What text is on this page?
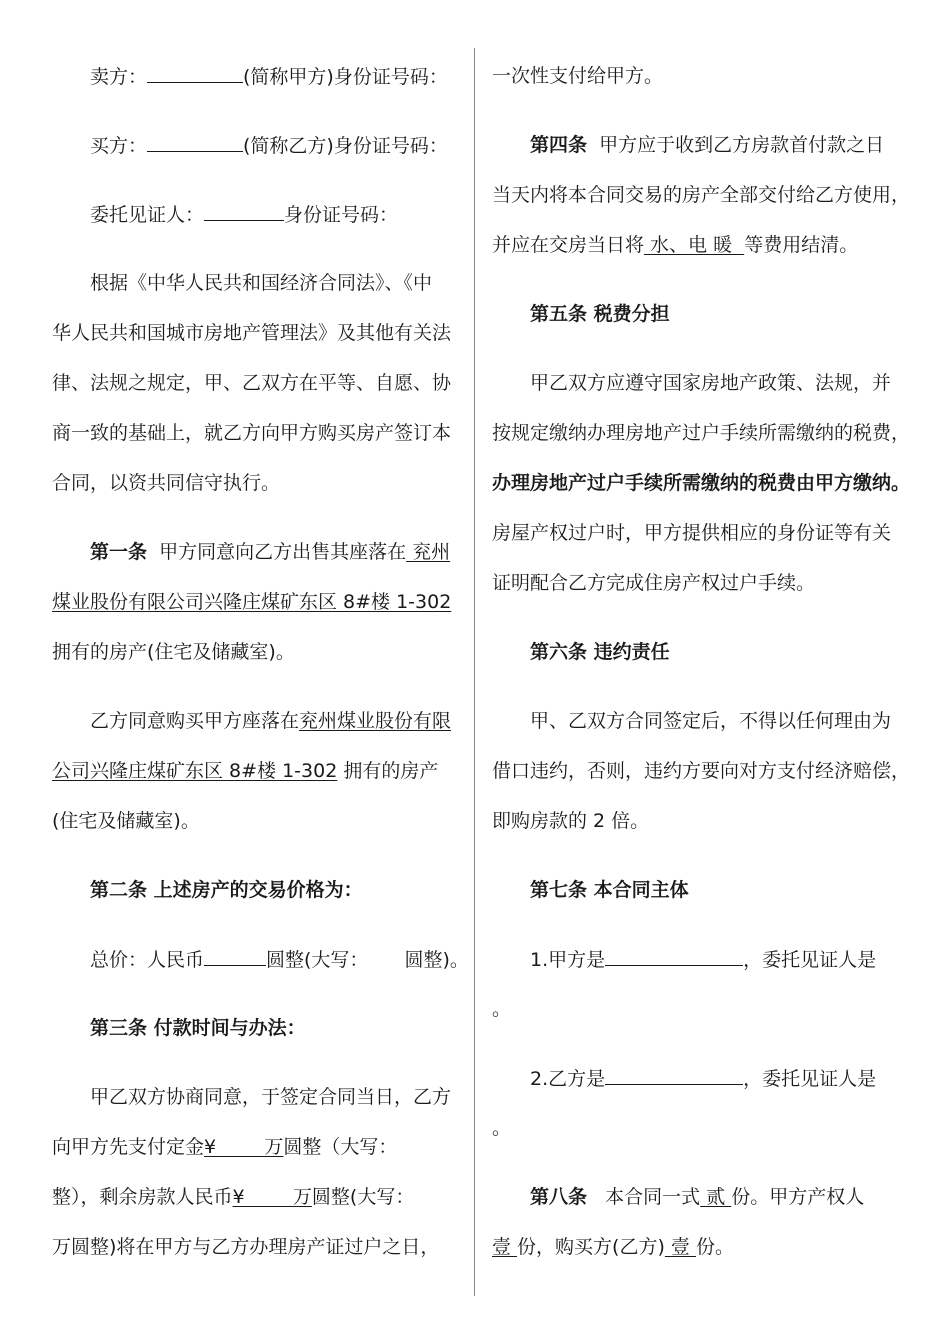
卖方：	(简称甲方)身份证号码：
买方：	(简称乙方)身份证号码：
委托见证人：	身份证号码：
根据《中华人民共和国经济合同法》、《中
华人民共和国城市房地产管理法》及其他有关法
律、法规之规定，甲、乙双方在平等、自愿、协
商一致的基础上，就乙方向甲方购买房产签订本
合同，以资共同信守执行。
第一条 甲方同意向乙方出售其座落在 兖州
煤业股份有限公司兴隆庄煤矿东区 8#楼 1-302
拥有的房产(住宅及储藏室)。
乙方同意购买甲方座落在兖州煤业股份有限
公司兴隆庄煤矿东区 8#楼 1-302 拥有的房产
(住宅及储藏室)。
第二条 上述房产的交易价格为：
总价：人民币	圆整(大写： 圆整)。
第三条 付款时间与办法：
甲乙双方协商同意，于签定合同当日，乙方
向甲方先支付定金¥        万圆整（大写：
整），剩余房款人民币¥        万圆整(大写：
万圆整)将在甲方与乙方办理房产证过户之日，
一次性支付给甲方。
第四条 甲方应于收到乙方房款首付款之日
当天内将本合同交易的房产全部交付给乙方使用，
并应在交房当日将 水、电 暖  等费用结清。
第五条 税费分担
甲乙双方应遵守国家房地产政策、法规，并
按规定缴纳办理房地产过户手续所需缴纳的税费，
办理房地产过户手续所需缴纳的税费由甲方缴纳。
房屋产权过户时，甲方提供相应的身份证等有关
证明配合乙方完成住房产权过户手续。
第六条 违约责任
甲、乙双方合同签定后，不得以任何理由为
借口违约，否则，违约方要向对方支付经济赔偿，
即购房款的 2 倍。
第七条 本合同主体
1.甲方是	，委托见证人是
。
2.乙方是	，委托见证人是
。
第八条 本合同一式 贰 份。甲方产权人
壹 份，购买方(乙方) 壹 份。
